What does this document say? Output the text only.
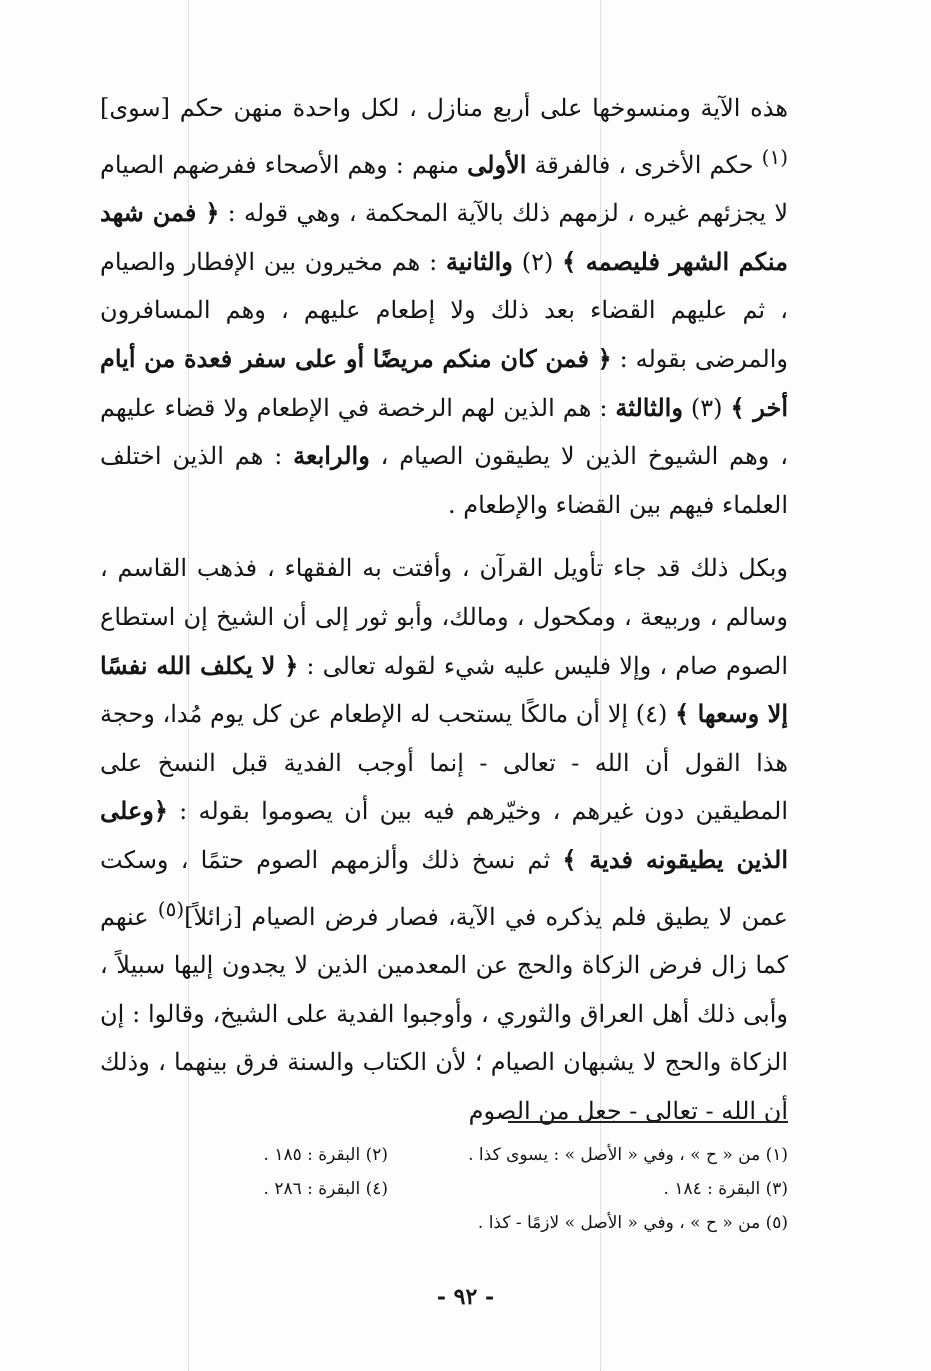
هذه الآية ومنسوخها على أربع منازل ، لكل واحدة منهن حكم [سوى]$^{(١)}$ حكم الأخرى ، فالفرقة الأولى منهم : وهم الأصحاء ففرضهم الصيام لا يجزئهم غيره ، لزمهم ذلك بالآية المحكمة ، وهي قوله : ﴿ فمن شهد منكم الشهر فليصمه ﴾ (٢) والثانية : هم مخيرون بين الإفطار والصيام ، ثم عليهم القضاء بعد ذلك ولا إطعام عليهم ، وهم المسافرون والمرضى بقوله : ﴿ فمن كان منكم مريضًا أو على سفر فعدة من أيام أخر ﴾ (٣) والثالثة : هم الذين لهم الرخصة في الإطعام ولا قضاء عليهم ، وهم الشيوخ الذين لا يطيقون الصيام ، والرابعة : هم الذين اختلف العلماء فيهم بين القضاء والإطعام .

وبكل ذلك قد جاء تأويل القرآن ، وأفتت به الفقهاء ، فذهب القاسم ، وسالم ، وربيعة ، ومكحول ، ومالك، وأبو ثور إلى أن الشيخ إن استطاع الصوم صام ، وإلا فليس عليه شيء لقوله تعالى : ﴿ لا يكلف الله نفسًا إلا وسعها ﴾ (٤) إلا أن مالكًا يستحب له الإطعام عن كل يوم مُدا، وحجة هذا القول أن الله - تعالى - إنما أوجب الفدية قبل النسخ على المطيقين دون غيرهم ، وخيّرهم فيه بين أن يصوموا بقوله : ﴿وعلى الذين يطيقونه فدية ﴾ ثم نسخ ذلك وألزمهم الصوم حتمًا ، وسكت عمن لا يطيق فلم يذكره في الآية، فصار فرض الصيام [زائلاً]$^{(٥)}$ عنهم كما زال فرض الزكاة والحج عن المعدمين الذين لا يجدون إليها سبيلاً ، وأبى ذلك أهل العراق والثوري ، وأوجبوا الفدية على الشيخ، وقالوا : إن الزكاة والحج لا يشبهان الصيام ؛ لأن الكتاب والسنة فرق بينهما ، وذلك أن الله - تعالى - جعل من الصوم

(١) من « ح » ، وفي « الأصل » : يسوى كذا .
(٢) البقرة : ١٨٥ .
(٣) البقرة : ١٨٤ .
(٤) البقرة : ٢٨٦ .
(٥) من « ح » ، وفي « الأصل » لازمًا - كذا .
- ٩٢ -
